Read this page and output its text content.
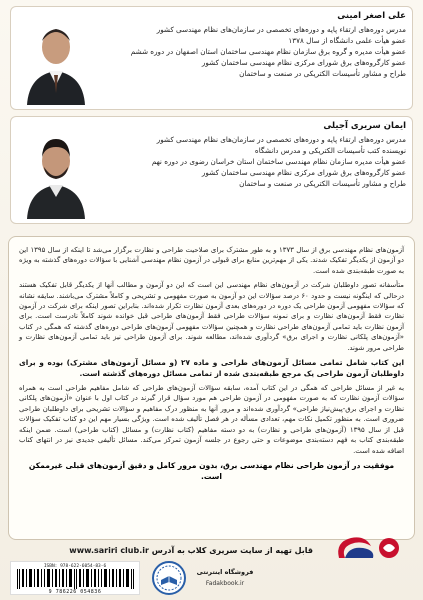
علی اصغر امینی
مدرس دوره‌های ارتقاء پایه و دوره‌های تخصصی در سازمان‌های نظام مهندسی کشور
عضو هیأت علمی دانشگاه از سال ۱۳۷۸
عضو هیأت مدیره و گروه برق سازمان نظام مهندسی ساختمان استان اصفهان در دوره ششم
عضو کارگروه‌های برق شورای مرکزی نظام مهندسی ساختمان کشور
طراح و مشاور تأسیسات الکتریکی در صنعت و ساختمان
ایمان سریری آجیلی
مدرس دوره‌های ارتقاء پایه و دوره‌های تخصصی در سازمان‌های نظام مهندسی کشور
نویسنده کتب تأسیسات الکتریکی و مدرس دانشگاه
عضو هیأت مدیره سازمان نظام مهندسی ساختمان استان خراسان رضوی در دوره نهم
عضو کارگروه‌های برق شورای مرکزی نظام مهندسی ساختمان کشور
طراح و مشاور تأسیسات الکتریکی در صنعت و ساختمان

آزمون‌های نظام مهندسی برق از سال ۱۳۷۳ و به طور مشترک برای صلاحیت طراحی و نظارت برگزار می‌شد تا اینکه از سال ۱۳۹۵ این دو آزمون از یکدیگر تفکیک شدند. یکی از مهم‌ترین منابع برای قبولی در آزمون نظام مهندسی آشنایی با سؤالات دوره‌های گذشته به ویژه به صورت طبقه‌بندی شده است.

متأسفانه تصور داوطلبان شرکت در آزمون‌های نظام مهندسی این است که این دو آزمون و مطالب آنها از یکدیگر قابل تفکیک هستند درحالی که اینگونه نیست و حدود ۶۰ درصد سؤالات این دو آزمون به صورت مفهومی و تشریحی و کاملاً مشترک می‌باشند. سایقه نشانه که سؤالات مفهومی آزمون طراحی یک دوره در دوره‌های بعدی آزمون نظارت تکرار شده‌اند. بنابراین تصور اینکه برای شرکت در آزمون نظارت فقط آزمون‌های نظارت و برای نمونه سؤالات طراحی فقط آزمون‌های طراحی قبل خوانده شوند کاملاً نادرست است. برای آزمون نظارت باید تمامی آزمون‌های طراحی نظارت و همچنین سؤالات مفهومی آزمون‌های طراحی دوره‌های گذشته که همگی در کتاب «آزمون‌های پلکانی نظارت و اجرای برق» گردآوری شده‌اند، مطالعه شوند. برای آزمون طراحی نیز باید تمامی آزمون‌های نظارت و طراحی مرور شوند.

این کتاب شامل تمامی مسائل آزمون‌های طراحی و ماده ۲۷ (و مسائل آزمون‌های مشترک) بوده و برای داوطلبان آزمون طراحی یک مرجع طبقه‌بندی شده از تمامی مسائل دوره‌های گذشته است.

به غیر از مسائل طراحی که همگی در این کتاب آمده، سابقه سؤالات آزمون‌های طراحی که شامل مفاهیم طراحی است به همراه سؤالات آزمون نظارت که به صورت مفهومی در آزمون طراحی هم مورد سؤال قرار گیرند در کتاب اول با عنوان «آزمون‌های پلکانی نظارت و اجرای برق-پیش‌نیاز طراحی» گردآوری شده‌اند و مرور آنها به منظور درک مفاهیم و سؤالات تشریحی برای داوطلبان طراحی ضروری است. به منظور تکمیل نکات مهم، تعدادی مسأله در هر فصل تألیف شده است. ویژگی بسیار مهم این دو کتاب تفکیک سؤالات قبل از سال ۱۳۹۵ (آزمون‌های طراحی و نظارت) به دو دسته مفاهیم (کتاب نظارت) و مسائل (کتاب طراحی) است. ضمن اینکه طبقه‌بندی کتاب به فهم دسته‌بندی موضوعات و حتی رجوع در جلسه آزمون تمرکز می‌کند. مسائل تألیفی جدیدی نیز در انتهای کتاب اضافه شده است.

موفقیت در آزمون طراحی نظام مهندسی برق، بدون مرور کامل و دقیق آزمون‌های قبلی غیرممکن است.

قابل تهیه از سایت سریری کلاب به آدرس www.sariri club.ir
ISBN: 978-622-6054-83-6
9 786226 054836
فروشگاه اینترنتی
Fadakbook.ir
